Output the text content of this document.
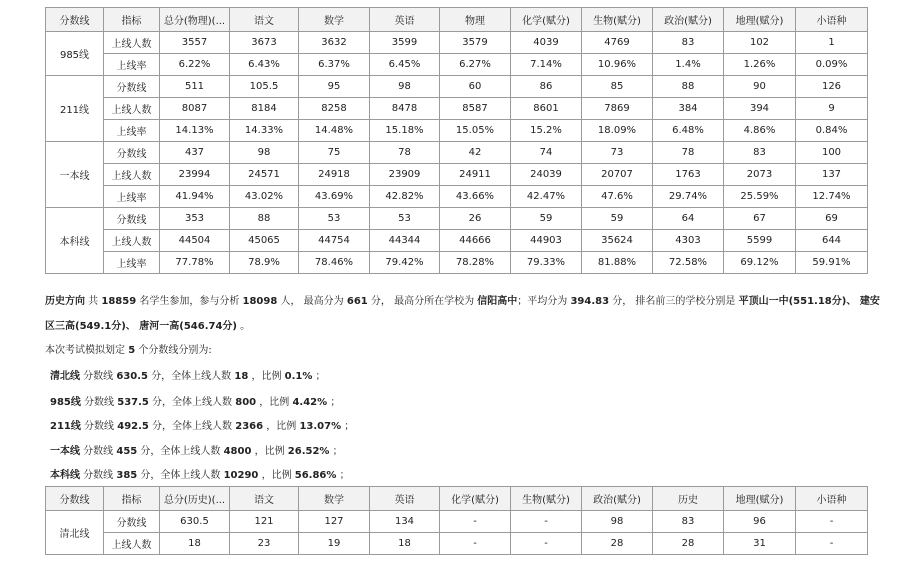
分数线	指标	总分(物理)(...	语文	数学	英语	物理	化学(赋分)	生物(赋分)	政治(赋分)	地理(赋分)	小语种
985线	上线人数	3557	3673	3632	3599	3579	4039	4769	83	102	1
	上线率	6.22%	6.43%	6.37%	6.45%	6.27%	7.14%	10.96%	1.4%	1.26%	0.09%
211线	分数线	511	105.5	95	98	60	86	85	88	90	126
	上线人数	8087	8184	8258	8478	8587	8601	7869	384	394	9
	上线率	14.13%	14.33%	14.48%	15.18%	15.05%	15.2%	18.09%	6.48%	4.86%	0.84%
一本线	分数线	437	98	75	78	42	74	73	78	83	100
	上线人数	23994	24571	24918	23909	24911	24039	20707	1763	2073	137
	上线率	41.94%	43.02%	43.69%	42.82%	43.66%	42.47%	47.6%	29.74%	25.59%	12.74%
本科线	分数线	353	88	53	53	26	59	59	64	67	69
	上线人数	44504	45065	44754	44344	44666	44903	35624	4303	5599	644
	上线率	77.78%	78.9%	78.46%	79.42%	78.28%	79.33%	81.88%	72.58%	69.12%	59.91%
历史方向 共 18859 名学生参加，参与分析 18098 人， 最高分为 661 分， 最高分所在学校为 信阳高中；平均分为 394.83 分， 排名前三的学校分别是 平顶山一中(551.18分)、 建安
区三高(549.1分)、 唐河一高(546.74分) 。
本次考试模拟划定 5 个分数线分别为:
清北线 分数线 630.5 分，全体上线人数 18 ，比例 0.1% ；
985线 分数线 537.5 分，全体上线人数 800 ，比例 4.42% ；
211线 分数线 492.5 分，全体上线人数 2366 ，比例 13.07% ；
一本线 分数线 455 分，全体上线人数 4800 ，比例 26.52% ；
本科线 分数线 385 分，全体上线人数 10290 ，比例 56.86% ；
分数线	指标	总分(历史)(...	语文	数学	英语	化学(赋分)	生物(赋分)	政治(赋分)	历史	地理(赋分)	小语种
清北线	分数线	630.5	121	127	134	-	-	98	83	96	-
	上线人数	18	23	19	18	-	-	28	28	31	-
